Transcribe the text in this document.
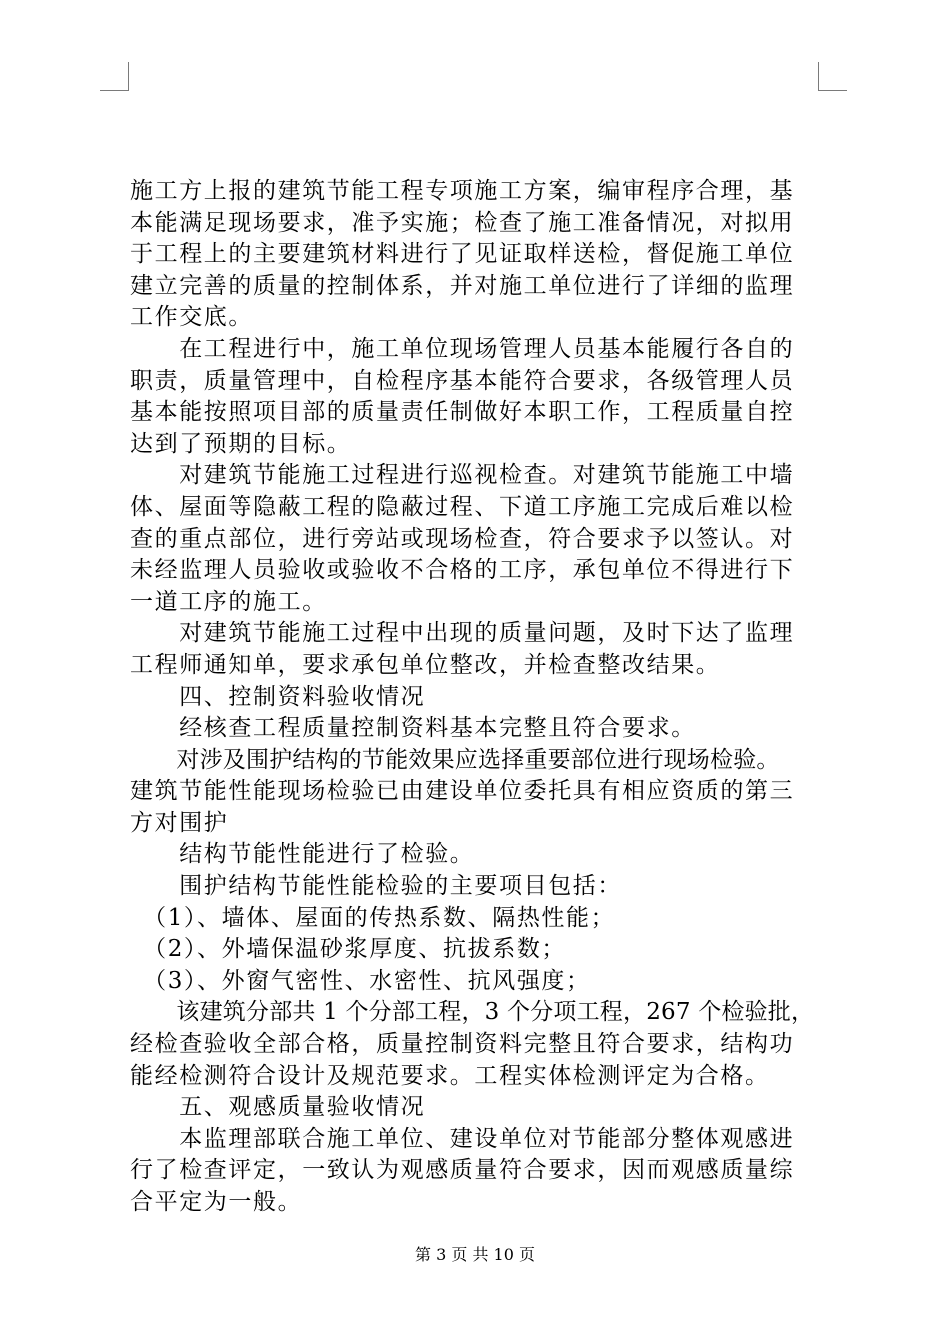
施工方上报的建筑节能工程专项施工方案，编审程序合理，基
本能满足现场要求，准予实施；检查了施工准备情况，对拟用
于工程上的主要建筑材料进行了见证取样送检，督促施工单位
建立完善的质量的控制体系，并对施工单位进行了详细的监理
工作交底。
　　在工程进行中，施工单位现场管理人员基本能履行各自的
职责，质量管理中，自检程序基本能符合要求，各级管理人员
基本能按照项目部的质量责任制做好本职工作，工程质量自控
达到了预期的目标。
　　对建筑节能施工过程进行巡视检查。对建筑节能施工中墙
体、屋面等隐蔽工程的隐蔽过程、下道工序施工完成后难以检
查的重点部位，进行旁站或现场检查，符合要求予以签认。对
未经监理人员验收或验收不合格的工序，承包单位不得进行下
一道工序的施工。
　　对建筑节能施工过程中出现的质量问题，及时下达了监理
工程师通知单，要求承包单位整改，并检查整改结果。
　　四、控制资料验收情况
　　经核查工程质量控制资料基本完整且符合要求。
　　对涉及围护结构的节能效果应选择重要部位进行现场检验。
建筑节能性能现场检验已由建设单位委托具有相应资质的第三
方对围护
　　结构节能性能进行了检验。
　　围护结构节能性能检验的主要项目包括：
　（1）、墙体、屋面的传热系数、隔热性能；
　（2）、外墙保温砂浆厚度、抗拔系数；
　（3）、外窗气密性、水密性、抗风强度；
　　该建筑分部共 1 个分部工程，3 个分项工程，267 个检验批，
经检查验收全部合格，质量控制资料完整且符合要求，结构功
能经检测符合设计及规范要求。工程实体检测评定为合格。
　　五、观感质量验收情况
　　本监理部联合施工单位、建设单位对节能部分整体观感进
行了检查评定，一致认为观感质量符合要求，因而观感质量综
合平定为一般。
第 3 页 共 10 页
